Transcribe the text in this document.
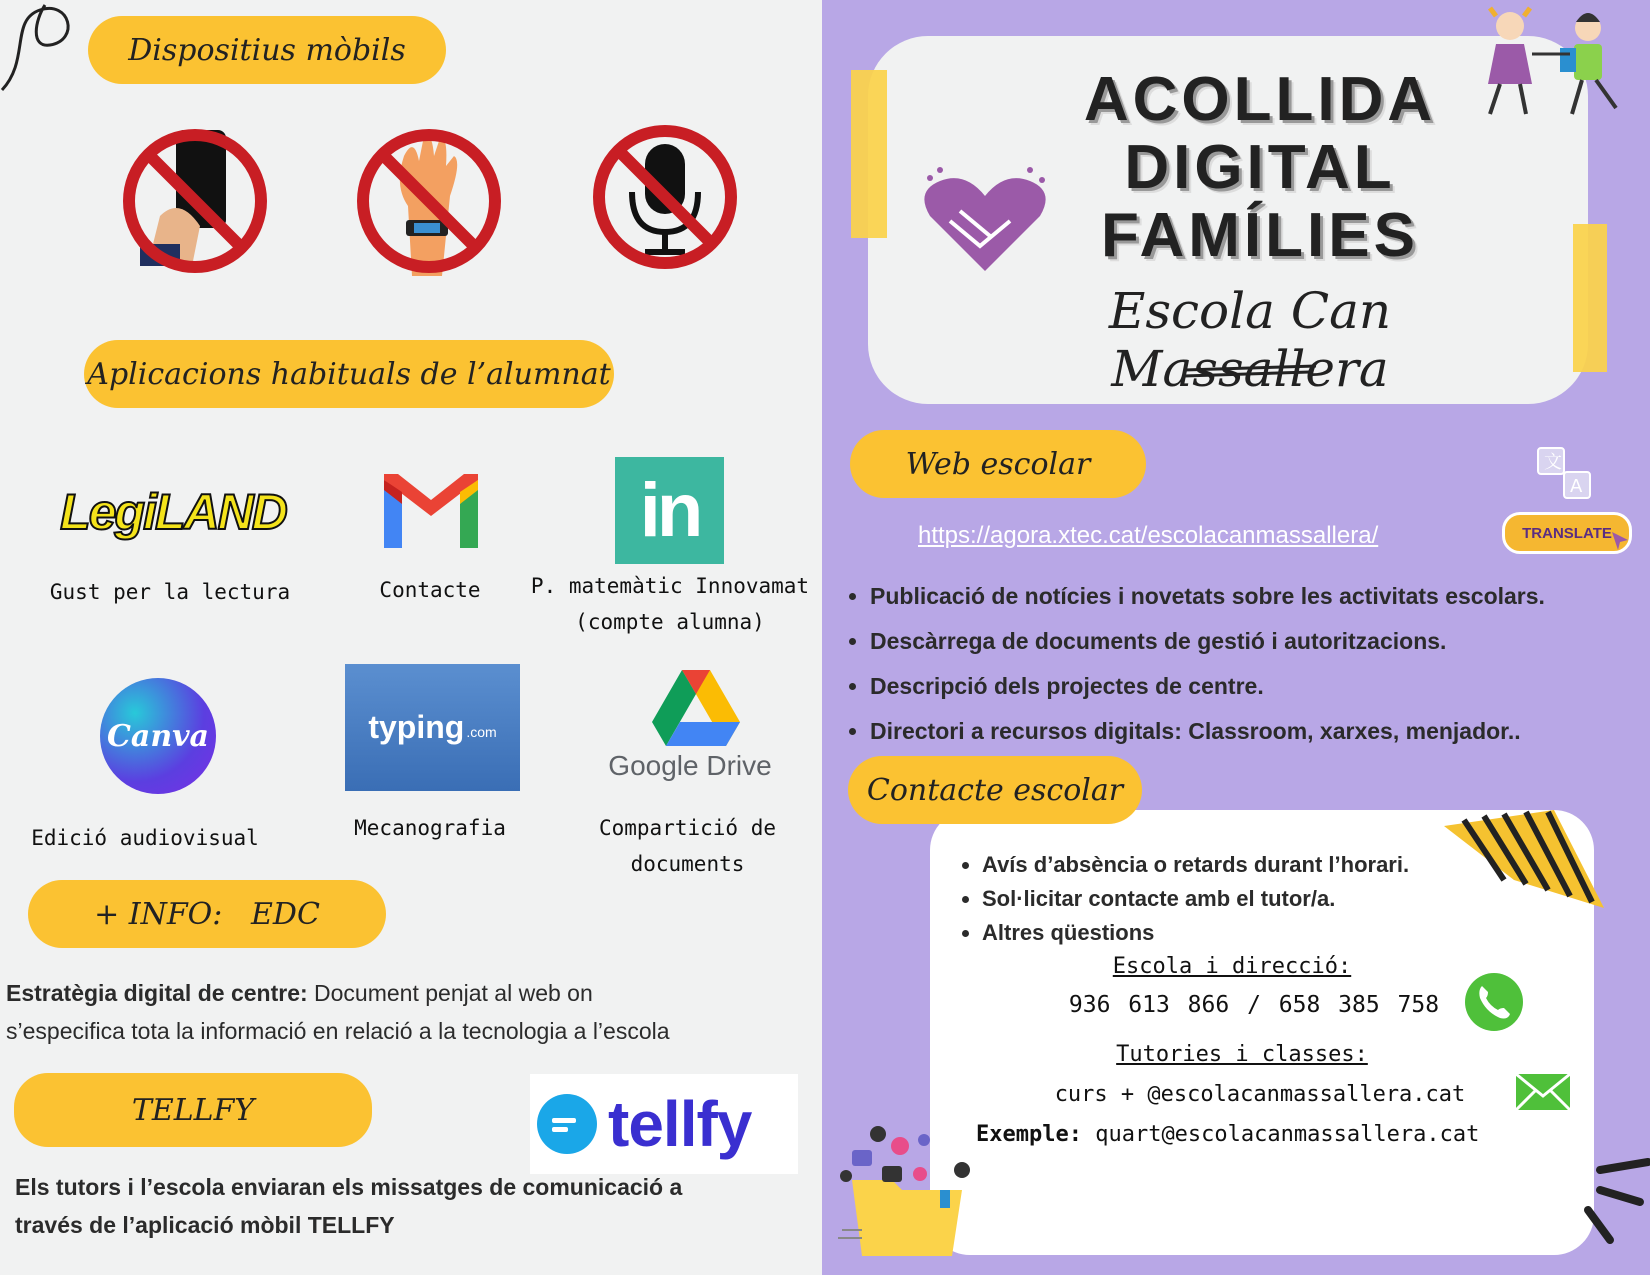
Dispositius mòbils
Aplicacions habituals de l’alumnat
LegiLAND
Gust per la lectura	Contacte
in
P. matemàtic Innovamat
(compte alumna)
Canva
Edició audiovisual
typing .com
Mecanografia
Google Drive
Compartició de
documents
+ INFO:   EDC
Estratègia digital de centre: Document penjat al web on
s’especifica tota la informació en relació a la tecnologia a l’escola
TELLFY	tellfy
Els tutors i l’escola enviaran els missatges de comunicació a
través de l’aplicació mòbil TELLFY
ACOLLIDA
DIGITAL
FAMÍLIES
Escola Can Massallera
Web escolar
https://agora.xtec.cat/escolacanmassallera/
文
A
TRANSLATE
• Publicació de notícies i novetats sobre les activitats escolars.
• Descàrrega de documents de gestió i autoritzacions.
• Descripció dels projectes de centre.
• Directori a recursos digitals: Classroom, xarxes, menjador..
Contacte escolar
• Avís d’absència o retards durant l’horari.
• Sol·licitar contacte amb el tutor/a.
• Altres qüestions
Escola i direcció:
936 613 866 / 658 385 758
Tutories i classes:
curs + @escolacanmassallera.cat
Exemple: quart@escolacanmassallera.cat
